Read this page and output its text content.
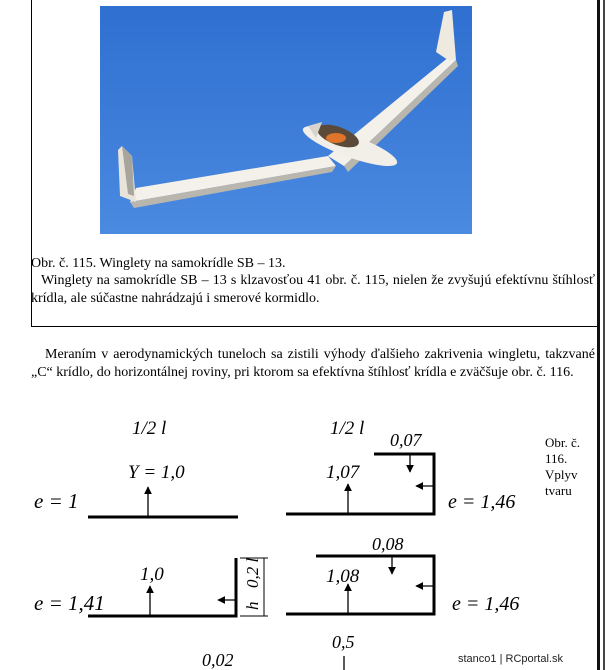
Obr. č. 115. Winglety na samokrídle SB – 13.

Winglety na samokrídle SB – 13 s klzavosťou 41 obr. č. 115, nielen že zvyšujú efektívnu štíhlosť krídla, ale súčastne nahrádzajú i smerové kormidlo.

Meraním v aerodynamických tuneloch sa zistili výhody ďalšieho zakrivenia wingletu, takzvané „C“ krídlo, do horizontálnej roviny, pri ktorom sa efektívna štíhlosť krídla e zväčšuje obr. č. 116.

Obr. č. 116. Vplyv tvaru
1/2 l	1/2 l
e = 1
Y = 1,0
0,07
1,07
e = 1,46
e = 1,41
1,0
h
0,2 l
0,08
1,08
e = 1,46
0,02
0,5
stanco1 | RCportal.sk
